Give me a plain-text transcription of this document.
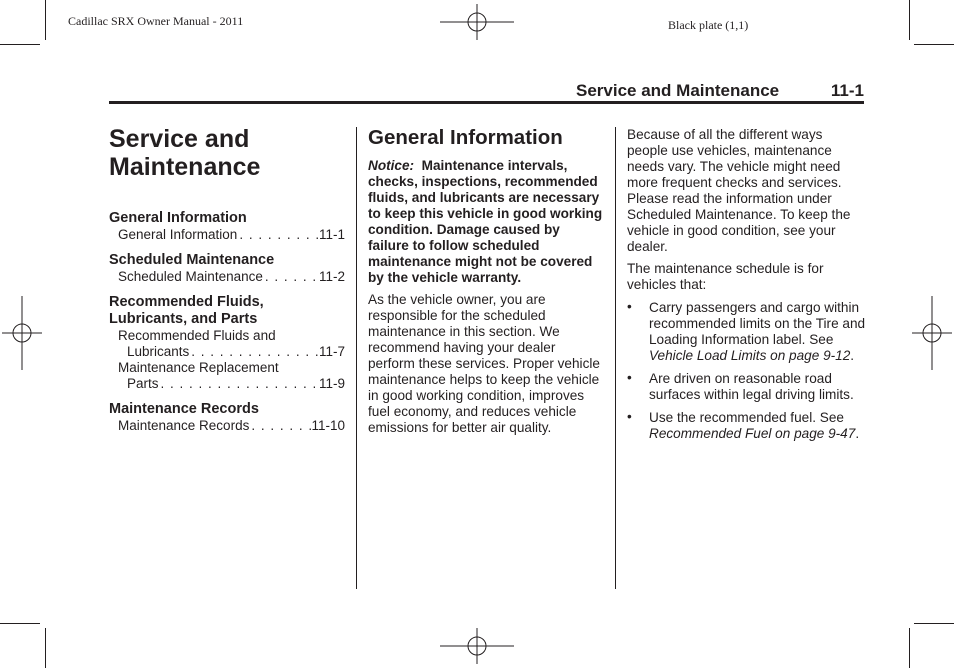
Cadillac SRX Owner Manual - 2011	Black plate (1,1)
Service and Maintenance	11-1
Service and
Maintenance
General Information
General Information . . .	11-1
Scheduled Maintenance
Scheduled Maintenance . . .	11-2
Recommended Fluids,
Lubricants, and Parts
Recommended Fluids and
Lubricants . . .	11-7
Maintenance Replacement
Parts . . .	11-9
Maintenance Records
Maintenance Records . . .	11-10
General Information
Notice: Maintenance intervals, checks, inspections, recommended fluids, and lubricants are necessary to keep this vehicle in good working condition. Damage caused by failure to follow scheduled maintenance might not be covered by the vehicle warranty.
As the vehicle owner, you are responsible for the scheduled maintenance in this section. We recommend having your dealer perform these services. Proper vehicle maintenance helps to keep the vehicle in good working condition, improves fuel economy, and reduces vehicle emissions for better air quality.
Because of all the different ways people use vehicles, maintenance needs vary. The vehicle might need more frequent checks and services. Please read the information under Scheduled Maintenance. To keep the vehicle in good condition, see your dealer.
The maintenance schedule is for vehicles that:
• Carry passengers and cargo within recommended limits on the Tire and Loading Information label. See Vehicle Load Limits on page 9-12.
• Are driven on reasonable road surfaces within legal driving limits.
• Use the recommended fuel. See Recommended Fuel on page 9-47.
